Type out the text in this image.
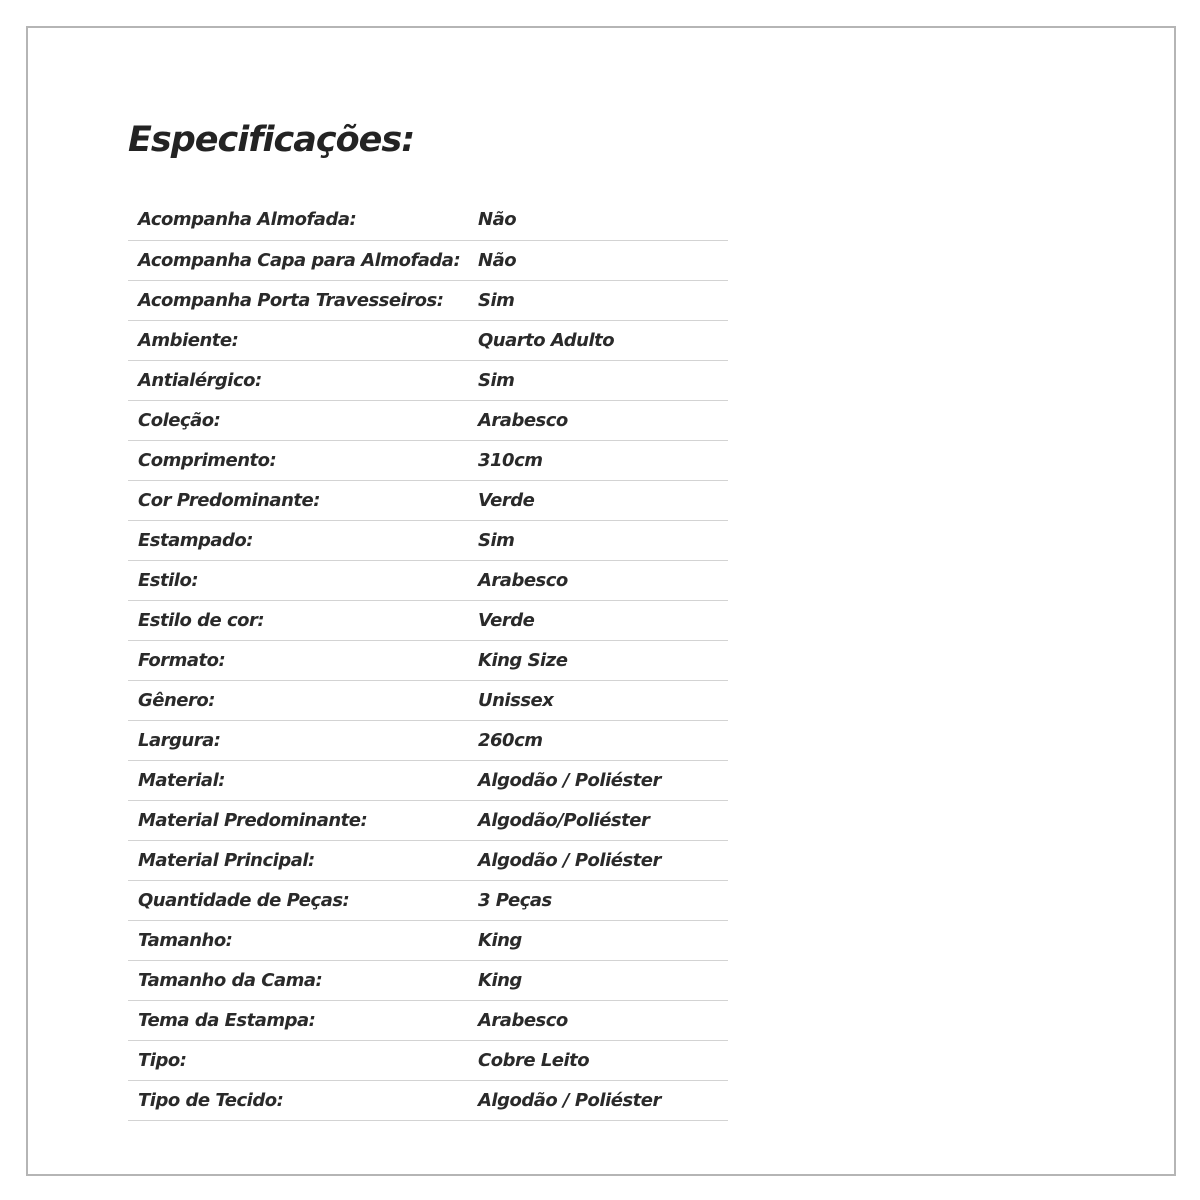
Especificações:
Acompanha Almofada:	Não
Acompanha Capa para Almofada:	Não
Acompanha Porta Travesseiros:	Sim
Ambiente:	Quarto Adulto
Antialérgico:	Sim
Coleção:	Arabesco
Comprimento:	310cm
Cor Predominante:	Verde
Estampado:	Sim
Estilo:	Arabesco
Estilo de cor:	Verde
Formato:	King Size
Gênero:	Unissex
Largura:	260cm
Material:	Algodão / Poliéster
Material Predominante:	Algodão/Poliéster
Material Principal:	Algodão / Poliéster
Quantidade de Peças:	3 Peças
Tamanho:	King
Tamanho da Cama:	King
Tema da Estampa:	Arabesco
Tipo:	Cobre Leito
Tipo de Tecido:	Algodão / Poliéster
